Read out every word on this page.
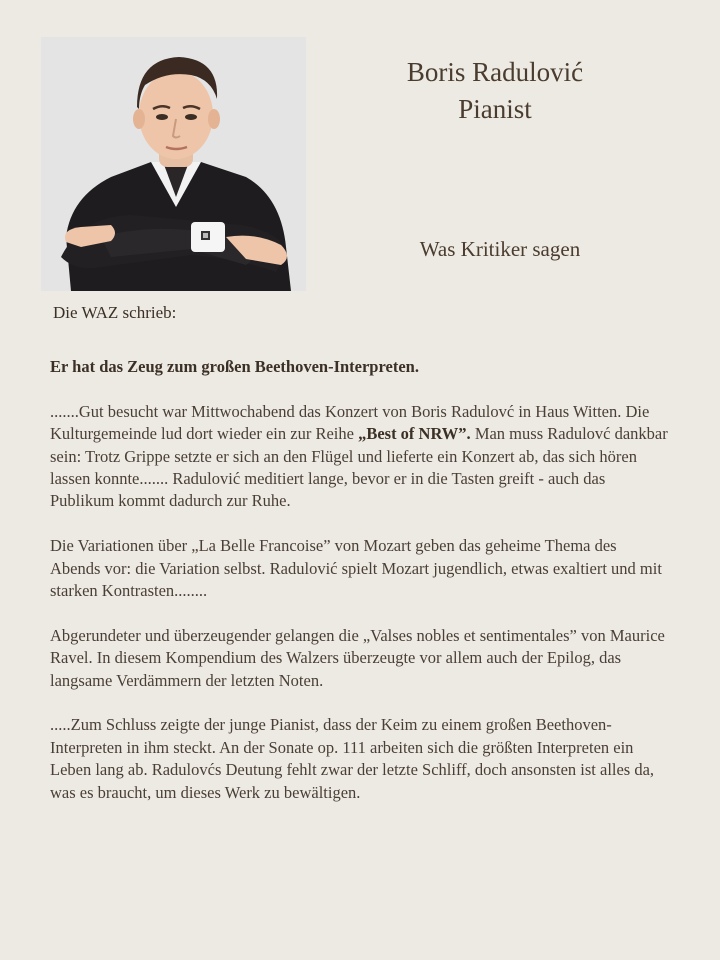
Boris Radulović
Pianist
Was Kritiker sagen
Die WAZ schrieb:

Er hat das Zeug zum großen Beethoven-Interpreten.

.......Gut besucht war Mittwochabend das Konzert von Boris Radulovć in Haus Witten. Die Kulturgemeinde lud dort wieder ein zur Reihe „Best of NRW”. Man muss Radulovć dankbar sein: Trotz Grippe setzte er sich an den Flügel und lieferte ein Konzert ab, das sich hören lassen konnte....... Radulović meditiert lange, bevor er in die Tasten greift - auch das Publikum kommt dadurch zur Ruhe.

Die Variationen über „La Belle Francoise” von Mozart geben das geheime Thema des Abends vor: die Variation selbst. Radulović spielt Mozart jugendlich, etwas exaltiert und mit starken Kontrasten........

Abgerundeter und überzeugender gelangen die „Valses nobles et sentimentales” von Maurice Ravel. In diesem Kompendium des Walzers überzeugte vor allem auch der Epilog, das langsame Verdämmern der letzten Noten.

.....Zum Schluss zeigte der junge Pianist, dass der Keim zu einem großen Beethoven-Interpreten in ihm steckt. An der Sonate op. 111 arbeiten sich die größten Interpreten ein Leben lang ab. Radulovćs Deutung fehlt zwar der letzte Schliff, doch ansonsten ist alles da, was es braucht, um dieses Werk zu bewältigen.
